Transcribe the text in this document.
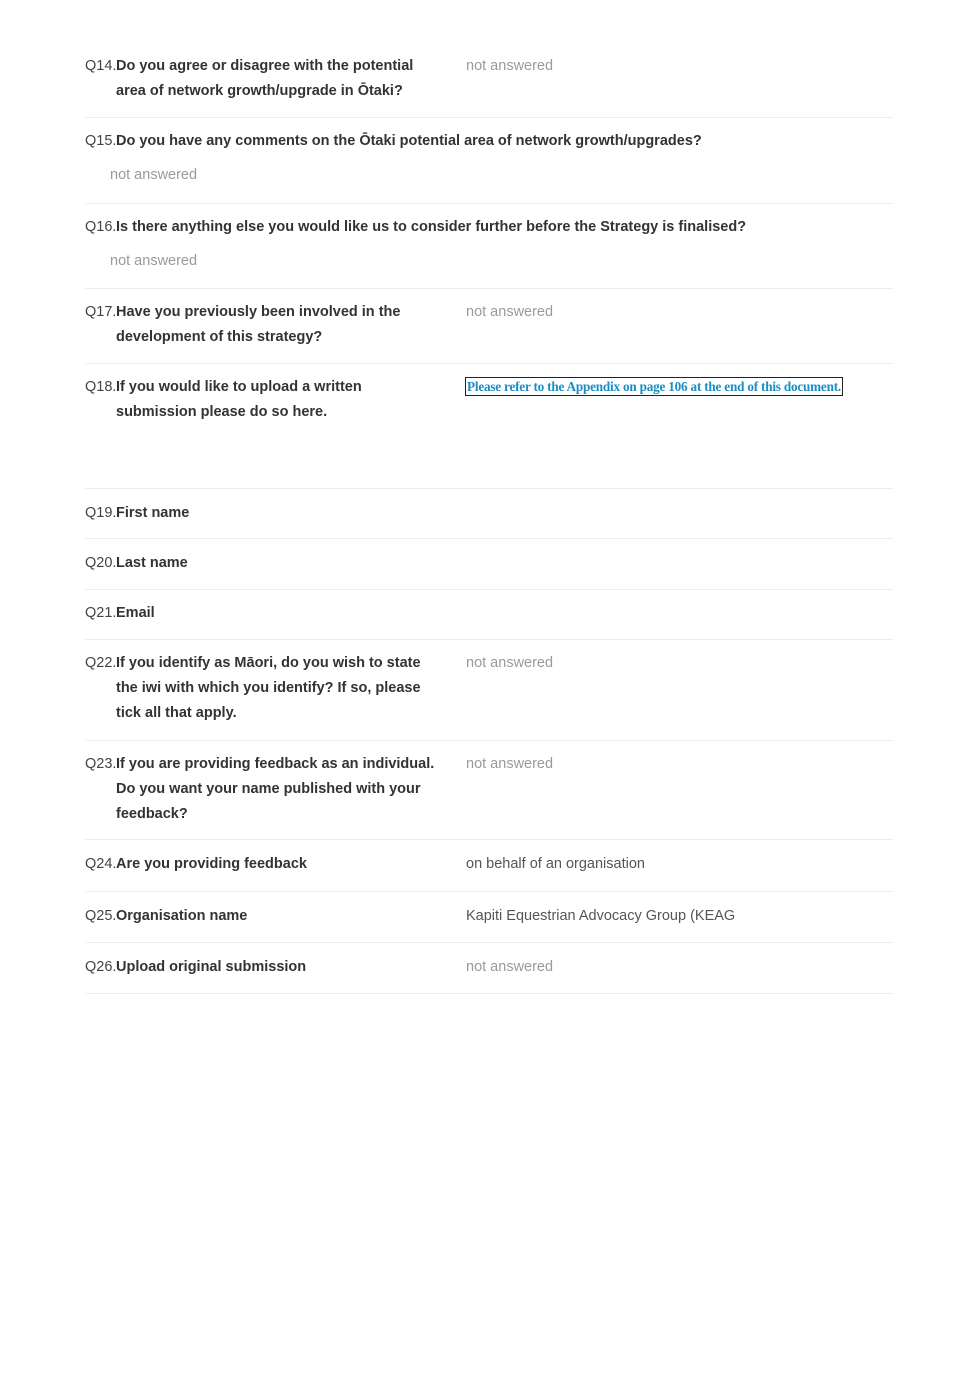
Q14. Do you agree or disagree with the potential area of network growth/upgrade in Ōtaki?
not answered
Q15. Do you have any comments on the Ōtaki potential area of network growth/upgrades?
not answered
Q16. Is there anything else you would like us to consider further before the Strategy is finalised?
not answered
Q17. Have you previously been involved in the development of this strategy?
not answered
Q18. If you would like to upload a written submission please do so here.
Please refer to the Appendix on page 106 at the end of this document.
Q19. First name
Q20. Last name
Q21. Email
Q22. If you identify as Māori, do you wish to state the iwi with which you identify? If so, please tick all that apply.
not answered
Q23. If you are providing feedback as an individual. Do you want your name published with your feedback?
not answered
Q24. Are you providing feedback	on behalf of an organisation
Q25. Organisation name	Kapiti Equestrian Advocacy Group (KEAG
Q26. Upload original submission	not answered
